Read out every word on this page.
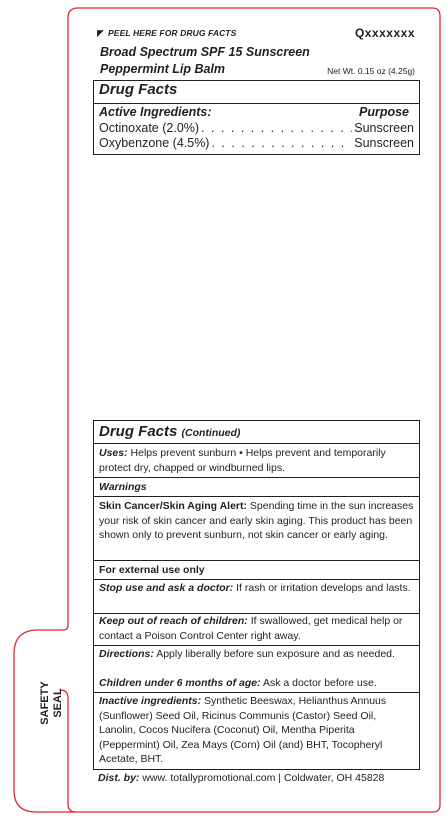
◤ PEEL HERE FOR DRUG FACTS	Qxxxxxxx
Broad Spectrum SPF 15 Sunscreen
Peppermint Lip Balm	Net Wt. 0.15 oz (4.25g)
Drug Facts
Active Ingredients:	Purpose
Octinoxate (2.0%) . . .	Sunscreen
Oxybenzone (4.5%) . . .	Sunscreen
Drug Facts (Continued)
Uses: Helps prevent sunburn • Helps prevent and temporarily protect dry, chapped or windburned lips.
Warnings
Skin Cancer/Skin Aging Alert: Spending time in the sun increases your risk of skin cancer and early skin aging. This product has been shown only to prevent sunburn, not skin cancer or early aging.
For external use only
Stop use and ask a doctor: If rash or irritation develops and lasts.
Keep out of reach of children: If swallowed, get medical help or contact a Poison Control Center right away.
Directions: Apply liberally before sun exposure and as needed.
Children under 6 months of age: Ask a doctor before use.
Inactive ingredients: Synthetic Beeswax, Helianthus Annuus (Sunflower) Seed Oil, Ricinus Communis (Castor) Seed Oil, Lanolin, Cocos Nucifera (Coconut) Oil, Mentha Piperita (Peppermint) Oil, Zea Mays (Corn) Oil (and) BHT, Tocopheryl Acetate, BHT.
Dist. by: www. totallypromotional.com | Coldwater, OH 45828
SAFETY SEAL
